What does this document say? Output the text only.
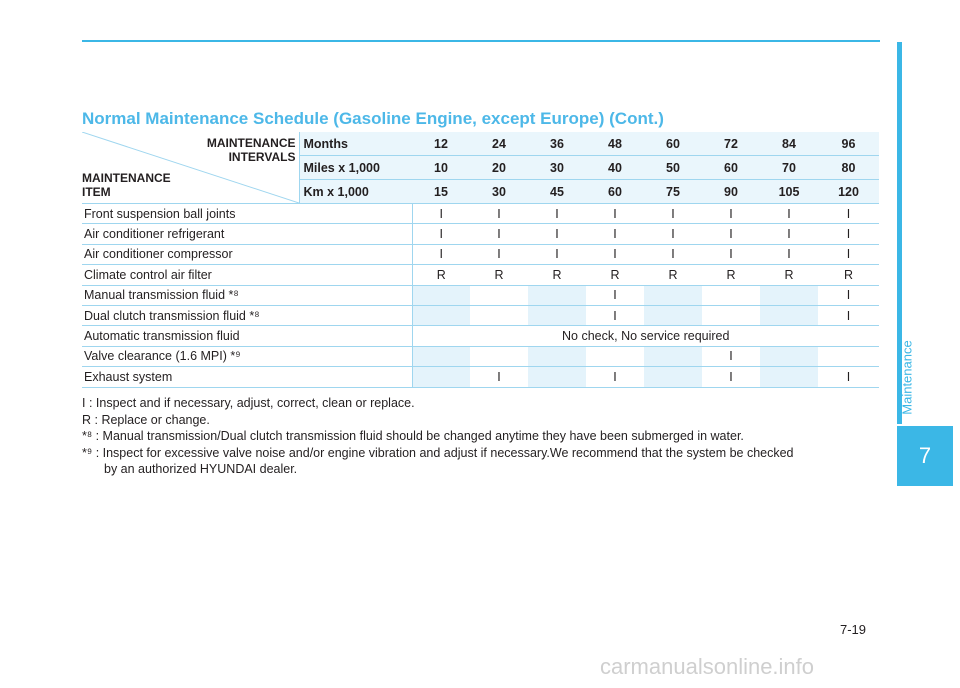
Normal Maintenance Schedule (Gasoline Engine, except Europe) (Cont.)
MAINTENANCE
INTERVALS
MAINTENANCE
ITEM	Months	12	24	36	48	60	72	84	96
	Miles x 1,000	10	20	30	40	50	60	70	80
	Km x 1,000	15	30	45	60	75	90	105	120
Front suspension ball joints		I	I	I	I	I	I	I	I
Air conditioner refrigerant		I	I	I	I	I	I	I	I
Air conditioner compressor		I	I	I	I	I	I	I	I
Climate control air filter		R	R	R	R	R	R	R	R
Manual transmission fluid *⁸					I				I
Dual clutch transmission fluid *⁸					I				I
Automatic transmission fluid		No check, No service required							
Valve clearance (1.6 MPI) *⁹							I		
Exhaust system			I		I		I		I
I : Inspect and if necessary, adjust, correct, clean or replace.
R : Replace or change.
*⁸ : Manual transmission/Dual clutch transmission fluid should be changed anytime they have been submerged in water.
*⁹ : Inspect for excessive valve noise and/or engine vibration and adjust if necessary.We recommend that the system be checked
by an authorized HYUNDAI dealer.
Maintenance
7
7-19
carmanualsonline.info
